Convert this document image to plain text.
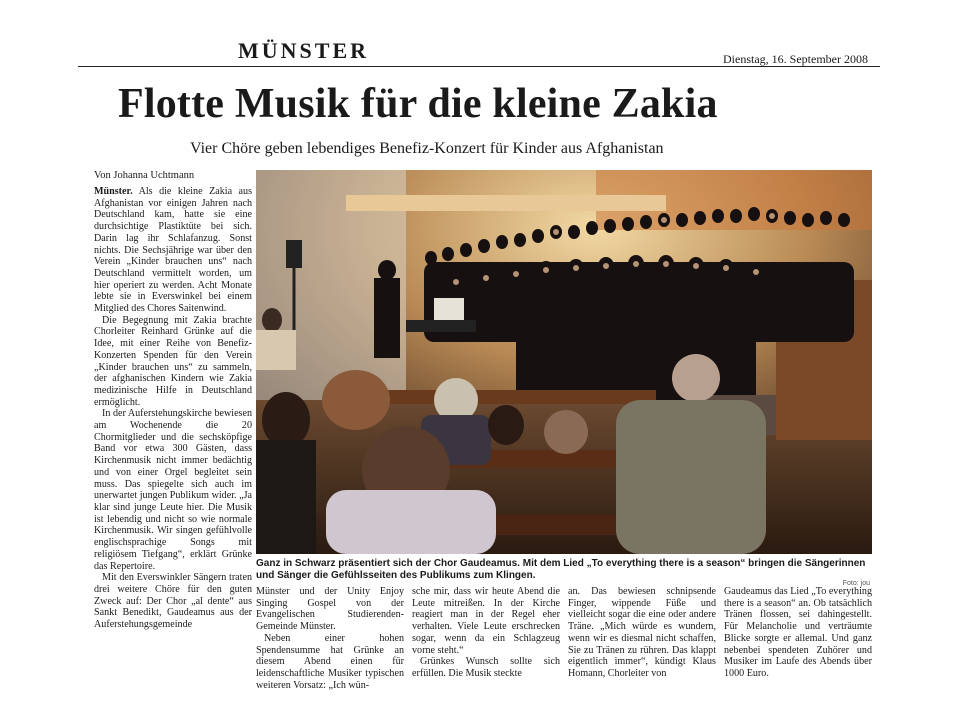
MÜNSTER	Dienstag, 16. September 2008
Flotte Musik für die kleine Zakia
Vier Chöre geben lebendiges Benefiz-Konzert für Kinder aus Afghanistan
Von Johanna Uchtmann

Münster. Als die kleine Zakia aus Afghanistan vor einigen Jahren nach Deutschland kam, hatte sie eine durchsichtige Plastiktüte bei sich. Darin lag ihr Schlafanzug. Sonst nichts. Die Sechsjährige war über den Verein „Kinder brauchen uns“ nach Deutschland vermittelt worden, um hier operiert zu werden. Acht Monate lebte sie in Everswinkel bei einem Mitglied des Chores Saitenwind.

Die Begegnung mit Zakia brachte Chorleiter Reinhard Grünke auf die Idee, mit einer Reihe von Benefiz-Konzerten Spenden für den Verein „Kinder brauchen uns“ zu sammeln, der afghanischen Kindern wie Zakia medizinische Hilfe in Deutschland ermöglicht.

In der Auferstehungskirche bewiesen am Wochenende die 20 Chormitglieder und die sechsköpfige Band vor etwa 300 Gästen, dass Kirchenmusik nicht immer bedächtig und von einer Orgel begleitet sein muss. Das spiegelte sich auch im unerwartet jungen Publikum wider. „Ja klar sind junge Leute hier. Die Musik ist lebendig und nicht so wie normale Kirchenmusik. Wir singen gefühlvolle englischsprachige Songs mit religiösem Tiefgang“, erklärt Grünke das Repertoire.

Mit den Everswinkler Sängern traten drei weitere Chöre für den guten Zweck auf: Der Chor „al dente“ aus Sankt Benedikt, Gaudeamus aus der Auferstehungsgemeinde

Ganz in Schwarz präsentiert sich der Chor Gaudeamus. Mit dem Lied „To everything there is a season“ bringen die Sängerinnen und Sänger die Gefühlsseiten des Publikums zum Klingen.
Foto: jou

Münster und der Unity Enjoy Singing Gospel von der Evangelischen Studierenden-Gemeinde Münster.

Neben einer hohen Spendensumme hat Grünke an diesem Abend einen für leidenschaftliche Musiker typischen weiteren Vorsatz: „Ich wün-

sche mir, dass wir heute Abend die Leute mitreißen. In der Kirche reagiert man in der Regel eher verhalten. Viele Leute erschrecken sogar, wenn da ein Schlagzeug vorne steht.“

Grünkes Wunsch sollte sich erfüllen. Die Musik steckte

an. Das bewiesen schnipsende Finger, wippende Füße und vielleicht sogar die eine oder andere Träne. „Mich würde es wundern, wenn wir es diesmal nicht schaffen, Sie zu Tränen zu rühren. Das klappt eigentlich immer“, kündigt Klaus Homann, Chorleiter von

Gaudeamus das Lied „To everything there is a season“ an. Ob tatsächlich Tränen flossen, sei dahingestellt. Für Melancholie und verträumte Blicke sorgte er allemal. Und ganz nebenbei spendeten Zuhörer und Musiker im Laufe des Abends über 1000 Euro.
